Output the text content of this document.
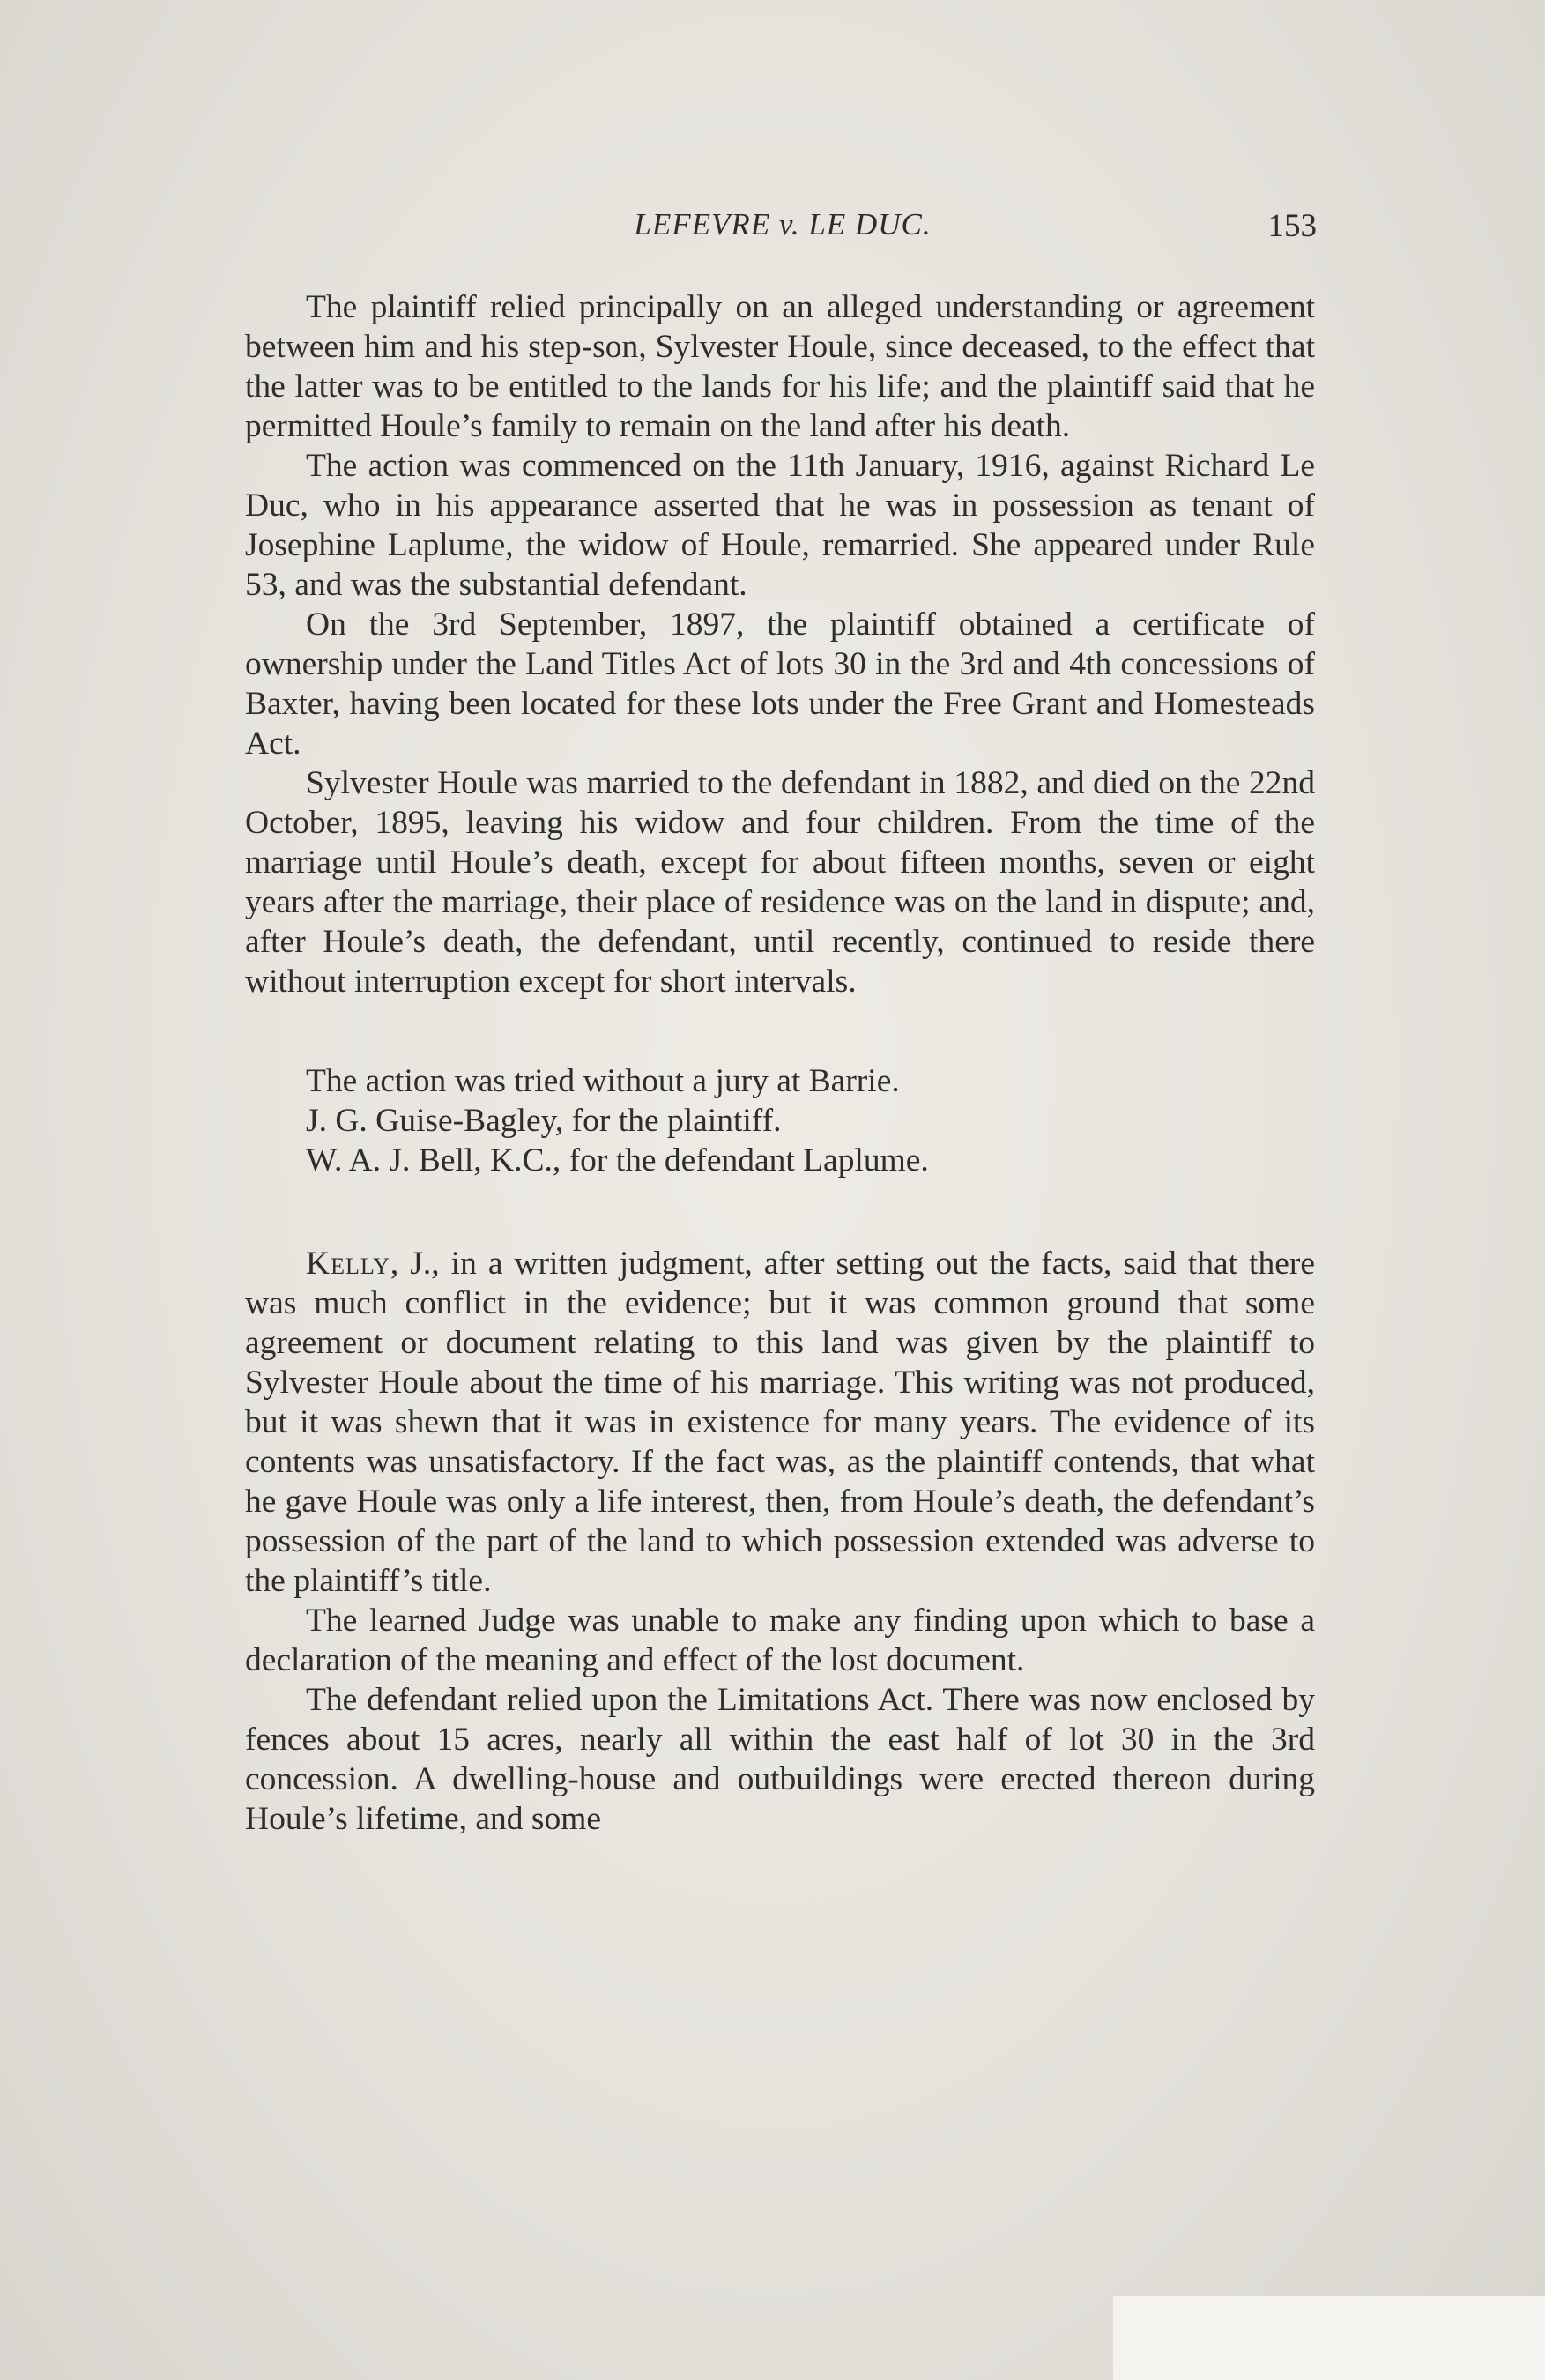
LEFEVRE v. LE DUC.	153

The plaintiff relied principally on an alleged understanding or agreement between him and his step-son, Sylvester Houle, since deceased, to the effect that the latter was to be entitled to the lands for his life; and the plaintiff said that he permitted Houle’s family to remain on the land after his death.

The action was commenced on the 11th January, 1916, against Richard Le Duc, who in his appearance asserted that he was in possession as tenant of Josephine Laplume, the widow of Houle, remarried. She appeared under Rule 53, and was the substantial defendant.

On the 3rd September, 1897, the plaintiff obtained a certificate of ownership under the Land Titles Act of lots 30 in the 3rd and 4th concessions of Baxter, having been located for these lots under the Free Grant and Homesteads Act.

Sylvester Houle was married to the defendant in 1882, and died on the 22nd October, 1895, leaving his widow and four children. From the time of the marriage until Houle’s death, except for about fifteen months, seven or eight years after the marriage, their place of residence was on the land in dispute; and, after Houle’s death, the defendant, until recently, continued to reside there without interruption except for short intervals.

The action was tried without a jury at Barrie.

J. G. Guise-Bagley, for the plaintiff.

W. A. J. Bell, K.C., for the defendant Laplume.

Kelly, J., in a written judgment, after setting out the facts, said that there was much conflict in the evidence; but it was common ground that some agreement or document relating to this land was given by the plaintiff to Sylvester Houle about the time of his marriage. This writing was not produced, but it was shewn that it was in existence for many years. The evidence of its contents was unsatisfactory. If the fact was, as the plaintiff contends, that what he gave Houle was only a life interest, then, from Houle’s death, the defendant’s possession of the part of the land to which possession extended was adverse to the plaintiff’s title.

The learned Judge was unable to make any finding upon which to base a declaration of the meaning and effect of the lost document.

The defendant relied upon the Limitations Act. There was now enclosed by fences about 15 acres, nearly all within the east half of lot 30 in the 3rd concession. A dwelling-house and outbuildings were erected thereon during Houle’s lifetime, and some
